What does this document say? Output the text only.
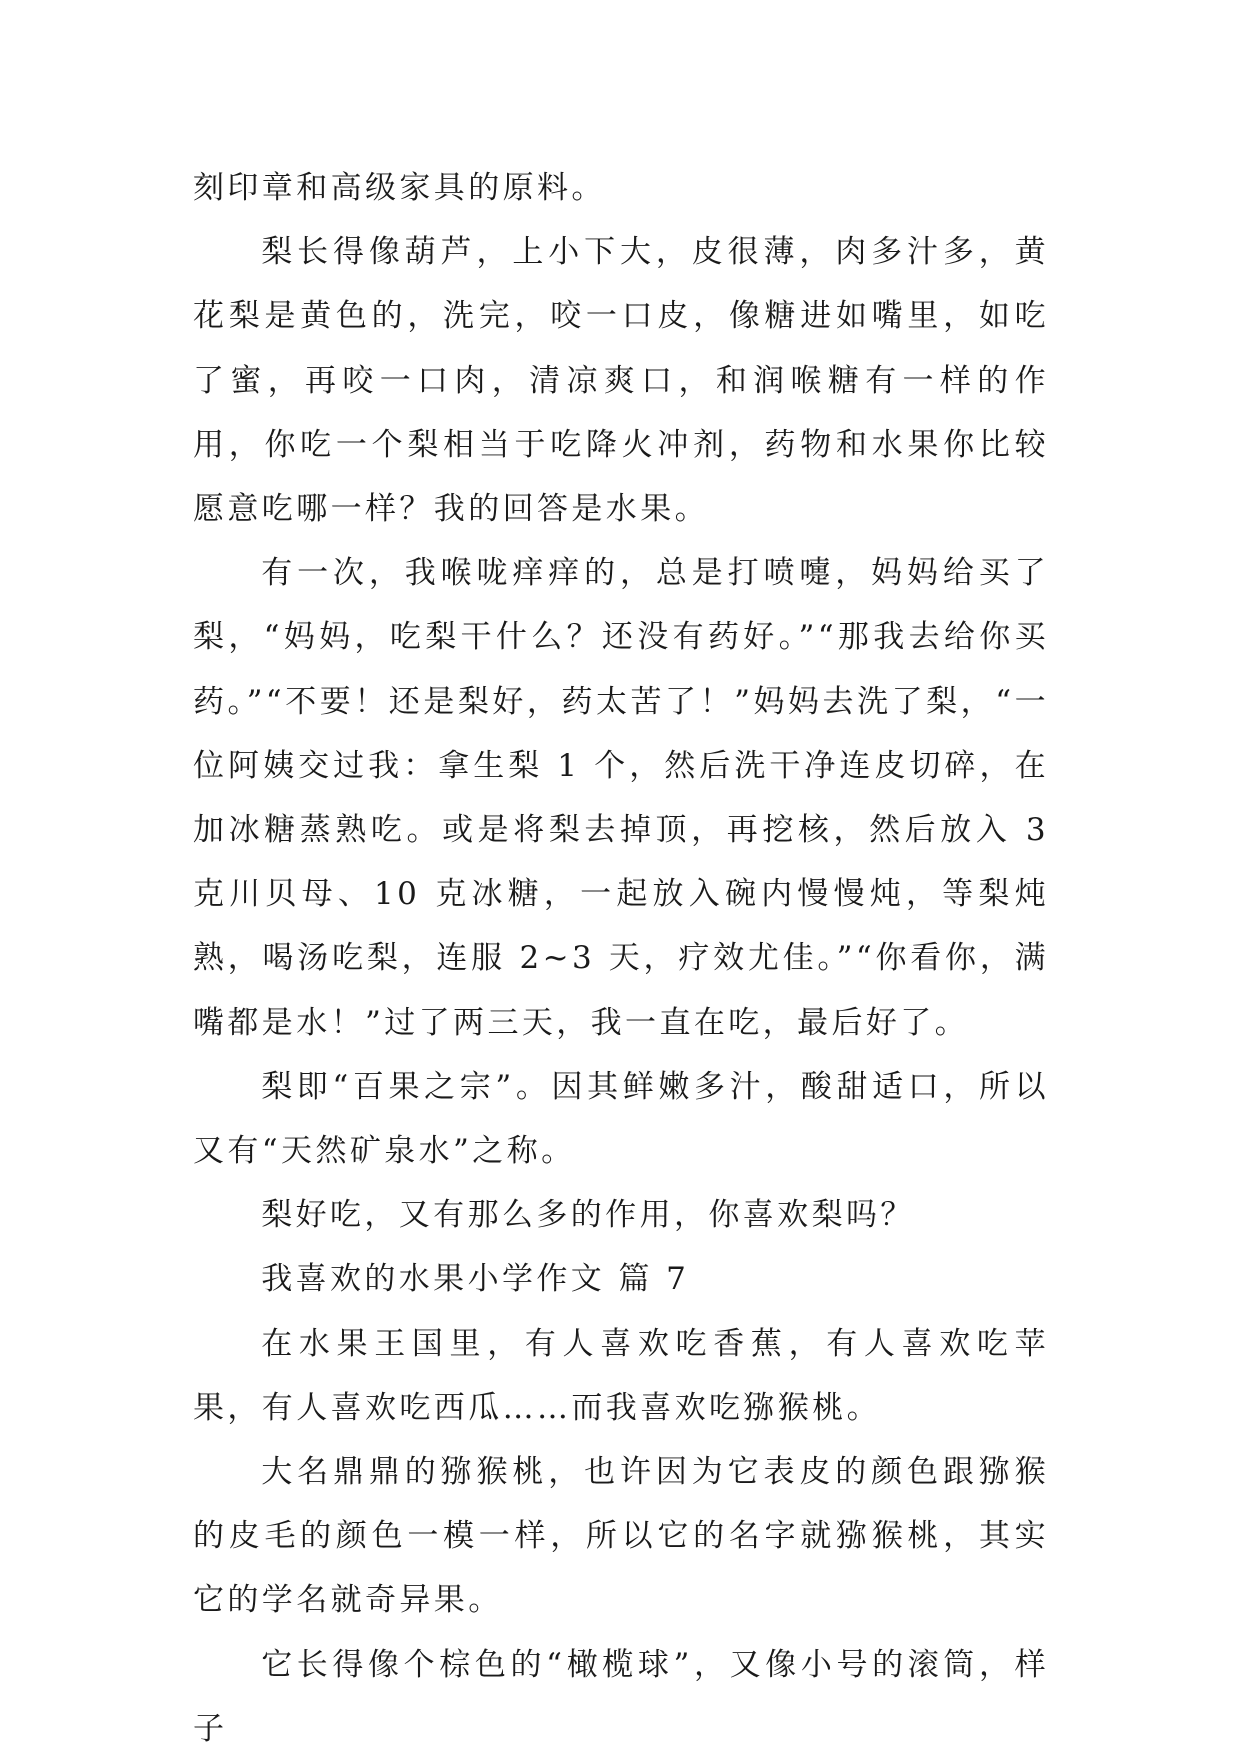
刻印章和高级家具的原料。

梨长得像葫芦，上小下大，皮很薄，肉多汁多，黄花梨是黄色的，洗完，咬一口皮，像糖进如嘴里，如吃了蜜，再咬一口肉，清凉爽口，和润喉糖有一样的作用，你吃一个梨相当于吃降火冲剂，药物和水果你比较愿意吃哪一样？我的回答是水果。

有一次，我喉咙痒痒的，总是打喷嚏，妈妈给买了梨，“妈妈，吃梨干什么？还没有药好。”“那我去给你买药。”“不要！还是梨好，药太苦了！”妈妈去洗了梨，“一位阿姨交过我：拿生梨 1 个，然后洗干净连皮切碎，在加冰糖蒸熟吃。或是将梨去掉顶，再挖核，然后放入 3 克川贝母、10 克冰糖，一起放入碗内慢慢炖，等梨炖熟，喝汤吃梨，连服 2~3 天，疗效尤佳。”“你看你，满嘴都是水！”过了两三天，我一直在吃，最后好了。

梨即“百果之宗”。因其鲜嫩多汁，酸甜适口，所以又有“天然矿泉水”之称。

梨好吃，又有那么多的作用，你喜欢梨吗？

我喜欢的水果小学作文 篇 7

在水果王国里，有人喜欢吃香蕉，有人喜欢吃苹果，有人喜欢吃西瓜……而我喜欢吃猕猴桃。

大名鼎鼎的猕猴桃，也许因为它表皮的颜色跟猕猴的皮毛的颜色一模一样，所以它的名字就猕猴桃，其实它的学名就奇异果。

它长得像个棕色的“橄榄球”，又像小号的滚筒，样子
